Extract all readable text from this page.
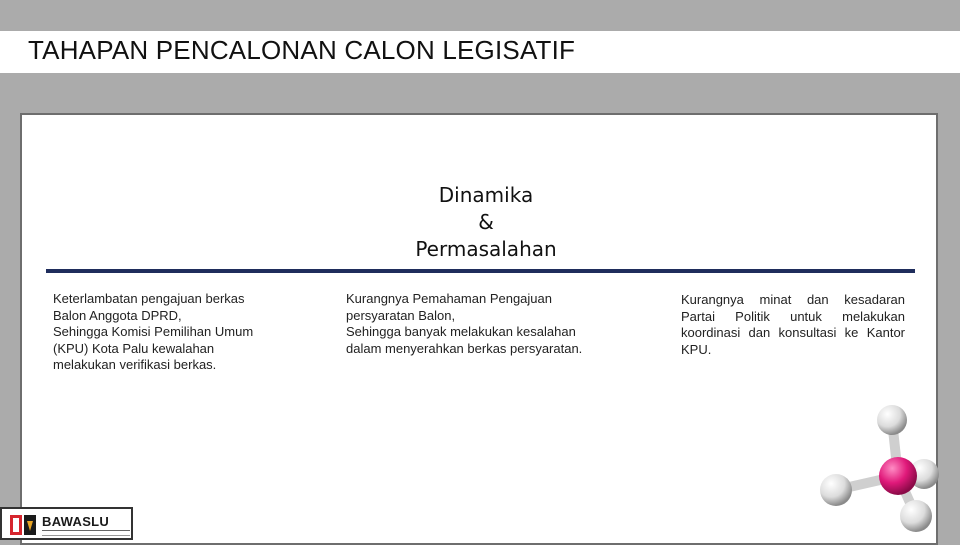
TAHAPAN PENCALONAN CALON LEGISATIF
Dinamika
&
Permasalahan
Keterlambatan pengajuan berkas
Balon Anggota DPRD,
Sehingga Komisi Pemilihan Umum
(KPU) Kota Palu kewalahan
melakukan verifikasi berkas.
Kurangnya Pemahaman Pengajuan
persyaratan Balon,
Sehingga banyak melakukan kesalahan
dalam menyerahkan berkas persyaratan.
Kurangnya minat dan kesadaran Partai Politik untuk melakukan koordinasi dan konsultasi ke Kantor KPU.
BAWASLU
